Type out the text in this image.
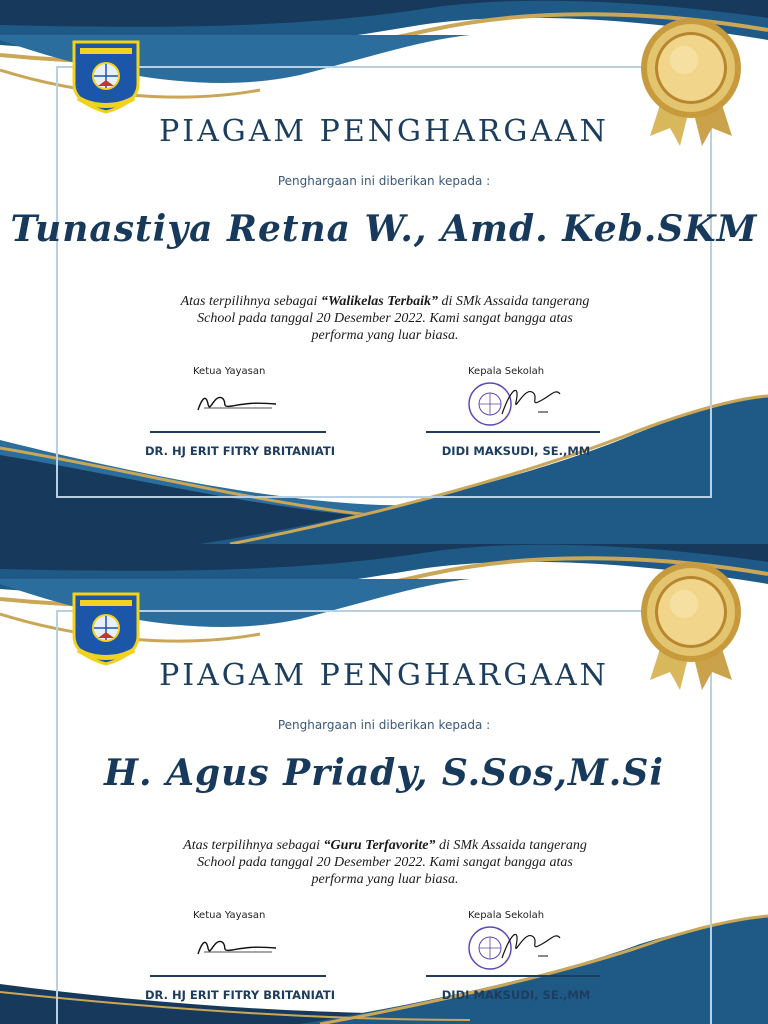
PIAGAM PENGHARGAAN
Penghargaan ini diberikan kepada :
Tunastiya Retna W., Amd. Keb.SKM
Atas terpilihnya sebagai “Walikelas Terbaik” di SMk Assaida tangerang School pada tanggal 20 Desember 2022. Kami sangat bangga atas performa yang luar biasa.
Ketua Yayasan
DR. HJ ERIT FITRY BRITANIATI
Kepala Sekolah
DIDI MAKSUDI, SE.,MM
PIAGAM PENGHARGAAN
Penghargaan ini diberikan kepada :
H. Agus Priady, S.Sos,M.Si
Atas terpilihnya sebagai “Guru Terfavorite” di SMk Assaida tangerang School pada tanggal 20 Desember 2022. Kami sangat bangga atas performa yang luar biasa.
Ketua Yayasan
DR. HJ ERIT FITRY BRITANIATI
Kepala Sekolah
DIDI MAKSUDI, SE.,MM
